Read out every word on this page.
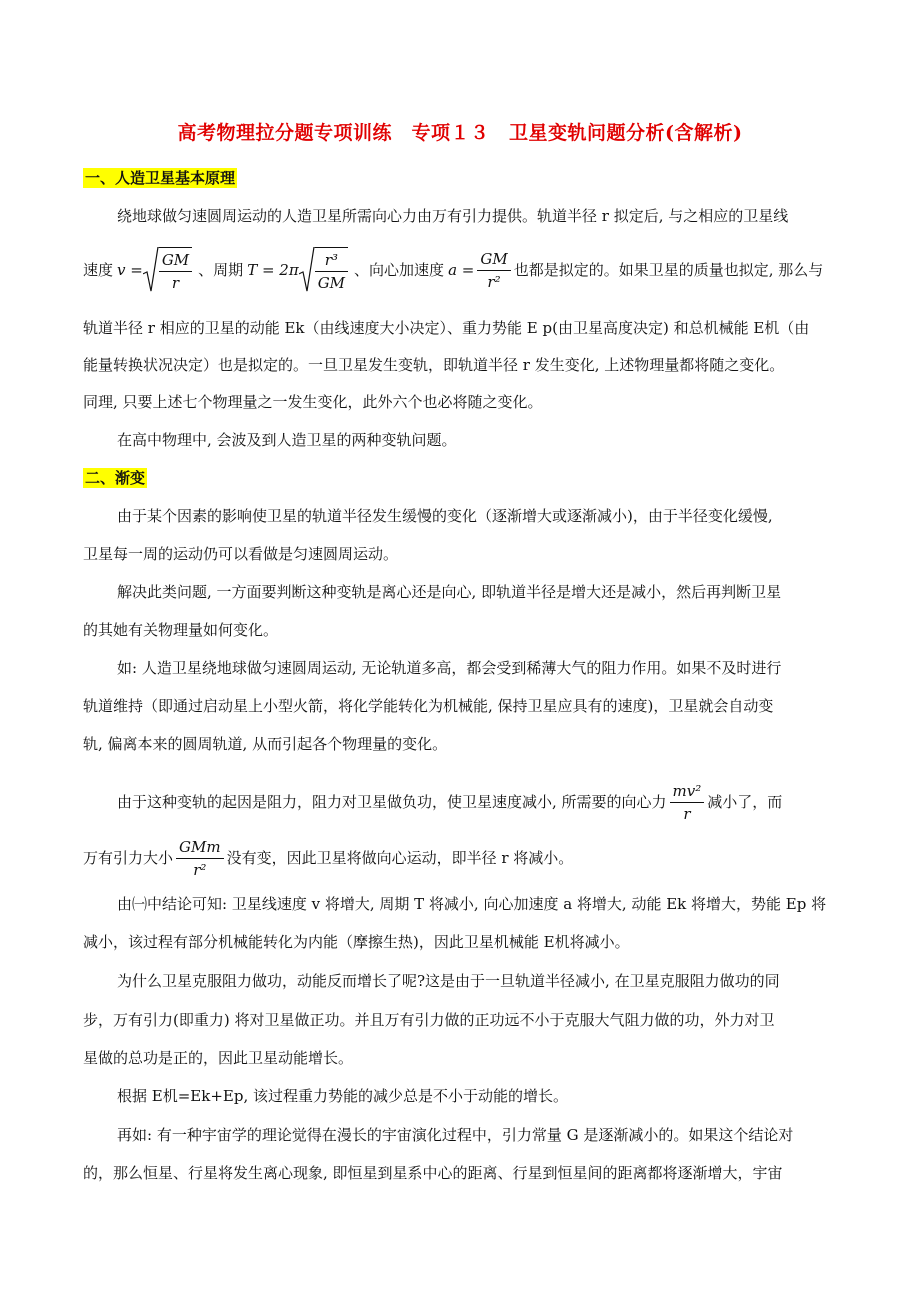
高考物理拉分题专项训练　专项１３　卫星变轨问题分析(含解析)
一、人造卫星基本原理
绕地球做匀速圆周运动的人造卫星所需向心力由万有引力提供。轨道半径 r 拟定后, 与之相应的卫星线
速度 $v = \frac{GM}{r}$ 、周期 $T = 2\pi \frac{\text{r³}}{GM}$ 、向心加速度 $a = \frac{GM}{\text{r²}}$ 也都是拟定的。如果卫星的质量也拟定, 那么与
轨道半径 r 相应的卫星的动能 Ek（由线速度大小决定）、重力势能 E p(由卫星高度决定) 和总机械能 E机（由
能量转换状况决定）也是拟定的。一旦卫星发生变轨，即轨道半径 r 发生变化, 上述物理量都将随之变化。
同理, 只要上述七个物理量之一发生变化，此外六个也必将随之变化。
在高中物理中, 会波及到人造卫星的两种变轨问题。
二、渐变
由于某个因素的影响使卫星的轨道半径发生缓慢的变化（逐渐增大或逐渐减小)，由于半径变化缓慢,
卫星每一周的运动仍可以看做是匀速圆周运动。
解决此类问题, 一方面要判断这种变轨是离心还是向心, 即轨道半径是增大还是减小，然后再判断卫星
的其她有关物理量如何变化。
如: 人造卫星绕地球做匀速圆周运动, 无论轨道多高，都会受到稀薄大气的阻力作用。如果不及时进行
轨道维持（即通过启动星上小型火箭，将化学能转化为机械能, 保持卫星应具有的速度)，卫星就会自动变
轨, 偏离本来的圆周轨道, 从而引起各个物理量的变化。
由于这种变轨的起因是阻力，阻力对卫星做负功，使卫星速度减小, 所需要的向心力 $\frac{\text{mv²}}{r}$ 减小了，而
万有引力大小 $\frac{\text{GMm}}{\text{r²}}$ 没有变，因此卫星将做向心运动，即半径 r 将减小。
由㈠中结论可知: 卫星线速度 v 将增大, 周期 T 将减小, 向心加速度 a 将增大, 动能 Ek 将增大，势能 Ep 将
减小，该过程有部分机械能转化为内能（摩擦生热)，因此卫星机械能 E机将减小。
为什么卫星克服阻力做功，动能反而增长了呢?这是由于一旦轨道半径减小, 在卫星克服阻力做功的同
步，万有引力(即重力) 将对卫星做正功。并且万有引力做的正功远不小于克服大气阻力做的功，外力对卫
星做的总功是正的，因此卫星动能增长。
根据 E机=Ek+Ep, 该过程重力势能的减少总是不小于动能的增长。
再如: 有一种宇宙学的理论觉得在漫长的宇宙演化过程中，引力常量 G 是逐渐减小的。如果这个结论对
的，那么恒星、行星将发生离心现象, 即恒星到星系中心的距离、行星到恒星间的距离都将逐渐增大，宇宙
